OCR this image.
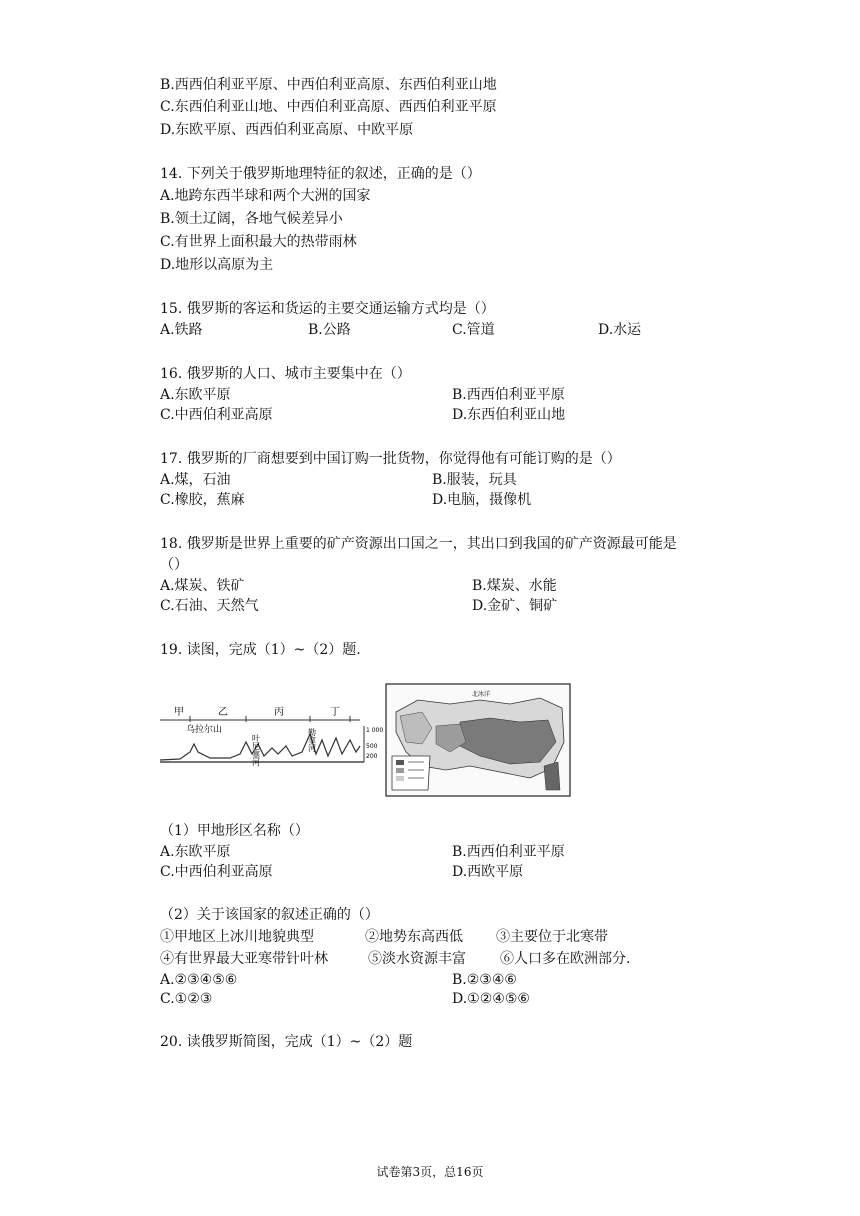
B.西西伯利亚平原、中西伯利亚高原、东西伯利亚山地
C.东西伯利亚山地、中西伯利亚高原、西西伯利亚平原
D.东欧平原、西西伯利亚高原、中欧平原
14. 下列关于俄罗斯地理特征的叙述，正确的是（）
A.地跨东西半球和两个大洲的国家
B.领土辽阔，各地气候差异小
C.有世界上面积最大的热带雨林
D.地形以高原为主
15. 俄罗斯的客运和货运的主要交通运输方式均是（）
A.铁路	B.公路	C.管道	D.水运
16. 俄罗斯的人口、城市主要集中在（）
A.东欧平原	B.西西伯利亚平原
C.中西伯利亚高原	D.东西伯利亚山地
17. 俄罗斯的厂商想要到中国订购一批货物，你觉得他有可能订购的是（）
A.煤，石油	B.服装，玩具
C.橡胶，蕉麻	D.电脑，摄像机
18. 俄罗斯是世界上重要的矿产资源出口国之一，其出口到我国的矿产资源最可能是
（）
A.煤炭、铁矿	B.煤炭、水能
C.石油、天然气	D.金矿、铜矿
19. 读图，完成（1）~（2）题.
甲	乙	丙	丁
乌拉尔山
叶尼塞河	勒拿河	1 000
500
200
北冰洋
（1）甲地形区名称（）
A.东欧平原	B.西西伯利亚平原
C.中西伯利亚高原	D.西欧平原
（2）关于该国家的叙述正确的（）
①甲地区上冰川地貌典型	②地势东高西低 ③主要位于北寒带
④有世界最大亚寒带针叶林	⑤淡水资源丰富 ⑥人口多在欧洲部分.
A.②③④⑤⑥	B.②③④⑥
C.①②③	D.①②④⑤⑥
20. 读俄罗斯简图，完成（1）~（2）题
试卷第3页，总16页
